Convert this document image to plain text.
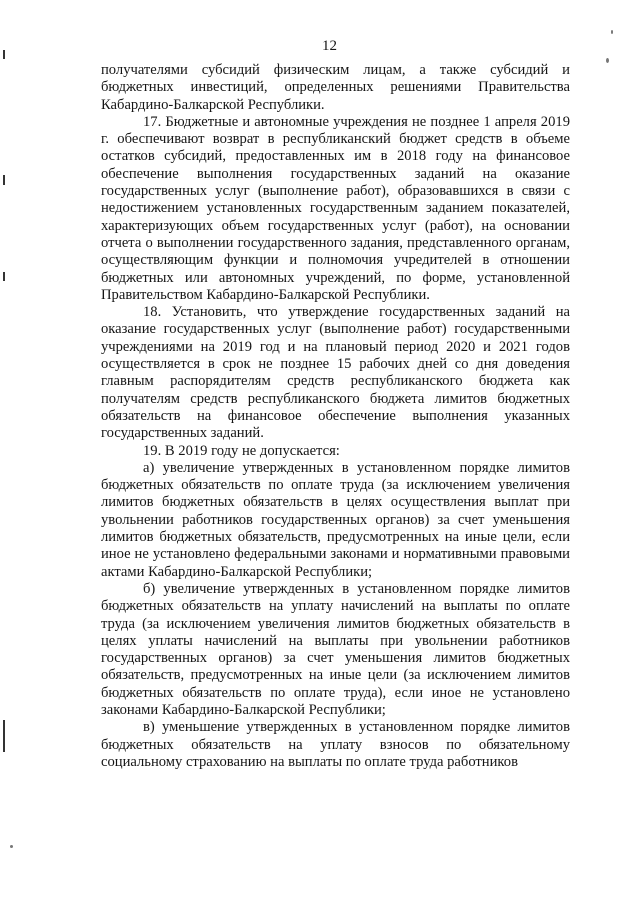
12

получателями субсидий физическим лицам, а также субсидий и бюджетных инвестиций, определенных решениями Правительства Кабардино-Балкарской Республики.

17. Бюджетные и автономные учреждения не позднее 1 апреля 2019 г. обеспечивают возврат в республиканский бюджет средств в объеме остатков субсидий, предоставленных им в 2018 году на финансовое обеспечение выполнения государственных заданий на оказание государственных услуг (выполнение работ), образовавшихся в связи с недостижением установленных государственным заданием показателей, характеризующих объем государственных услуг (работ), на основании отчета о выполнении государственного задания, представленного органам, осуществляющим функции и полномочия учредителей в отношении бюджетных или автономных учреждений, по форме, установленной Правительством Кабардино-Балкарской Республики.

18. Установить, что утверждение государственных заданий на оказание государственных услуг (выполнение работ) государственными учреждениями на 2019 год и на плановый период 2020 и 2021 годов осуществляется в срок не позднее 15 рабочих дней со дня доведения главным распорядителям средств республиканского бюджета как получателям средств республиканского бюджета лимитов бюджетных обязательств на финансовое обеспечение выполнения указанных государственных заданий.

19. В 2019 году не допускается:

а) увеличение утвержденных в установленном порядке лимитов бюджетных обязательств по оплате труда (за исключением увеличения лимитов бюджетных обязательств в целях осуществления выплат при увольнении работников государственных органов) за счет уменьшения лимитов бюджетных обязательств, предусмотренных на иные цели, если иное не установлено федеральными законами и нормативными правовыми актами Кабардино-Балкарской Республики;

б) увеличение утвержденных в установленном порядке лимитов бюджетных обязательств на уплату начислений на выплаты по оплате труда (за исключением увеличения лимитов бюджетных обязательств в целях уплаты начислений на выплаты при увольнении работников государственных органов) за счет уменьшения лимитов бюджетных обязательств, предусмотренных на иные цели (за исключением лимитов бюджетных обязательств по оплате труда), если иное не установлено законами Кабардино-Балкарской Республики;

в) уменьшение утвержденных в установленном порядке лимитов бюджетных обязательств на уплату взносов по обязательному социальному страхованию на выплаты по оплате труда работников
